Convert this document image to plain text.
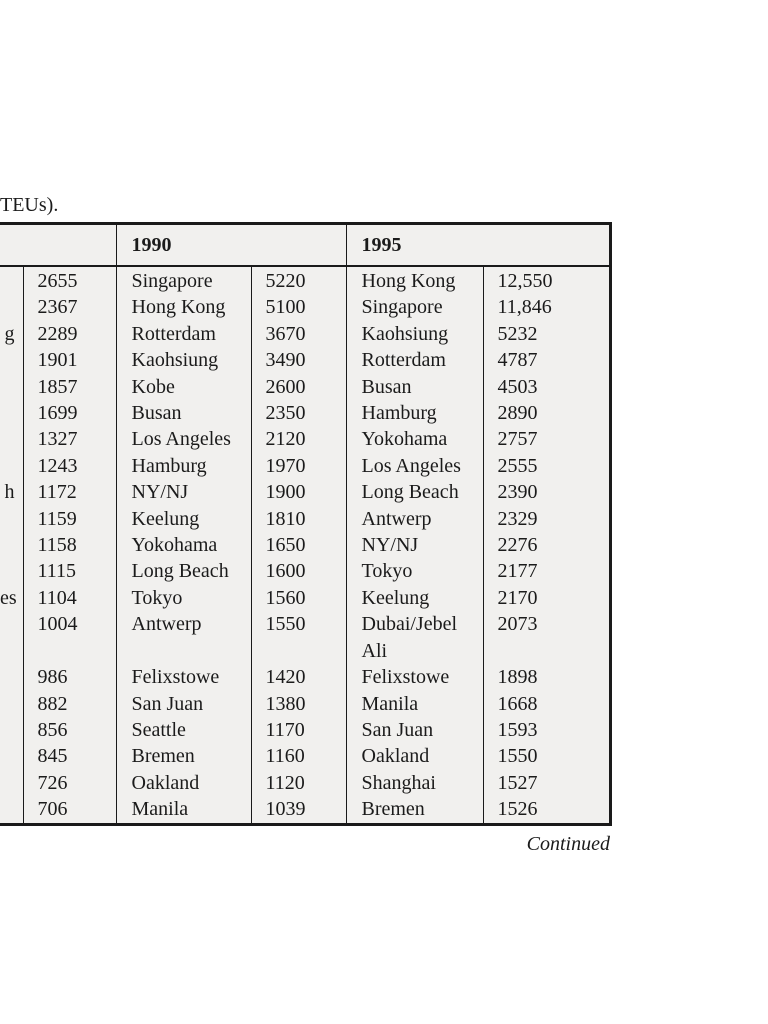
TEUs).
		1990		1995	
	2655	Singapore	5220	Hong Kong	12,550
	2367	Hong Kong	5100	Singapore	11,846
g	2289	Rotterdam	3670	Kaohsiung	5232
	1901	Kaohsiung	3490	Rotterdam	4787
	1857	Kobe	2600	Busan	4503
	1699	Busan	2350	Hamburg	2890
	1327	Los Angeles	2120	Yokohama	2757
	1243	Hamburg	1970	Los Angeles	2555
h	1172	NY/NJ	1900	Long Beach	2390
	1159	Keelung	1810	Antwerp	2329
	1158	Yokohama	1650	NY/NJ	2276
	1115	Long Beach	1600	Tokyo	2177
es	1104	Tokyo	1560	Keelung	2170
	1004	Antwerp	1550	Dubai/Jebel Ali	2073
	986	Felixstowe	1420	Felixstowe	1898
	882	San Juan	1380	Manila	1668
	856	Seattle	1170	San Juan	1593
	845	Bremen	1160	Oakland	1550
	726	Oakland	1120	Shanghai	1527
	706	Manila	1039	Bremen	1526
Continued
